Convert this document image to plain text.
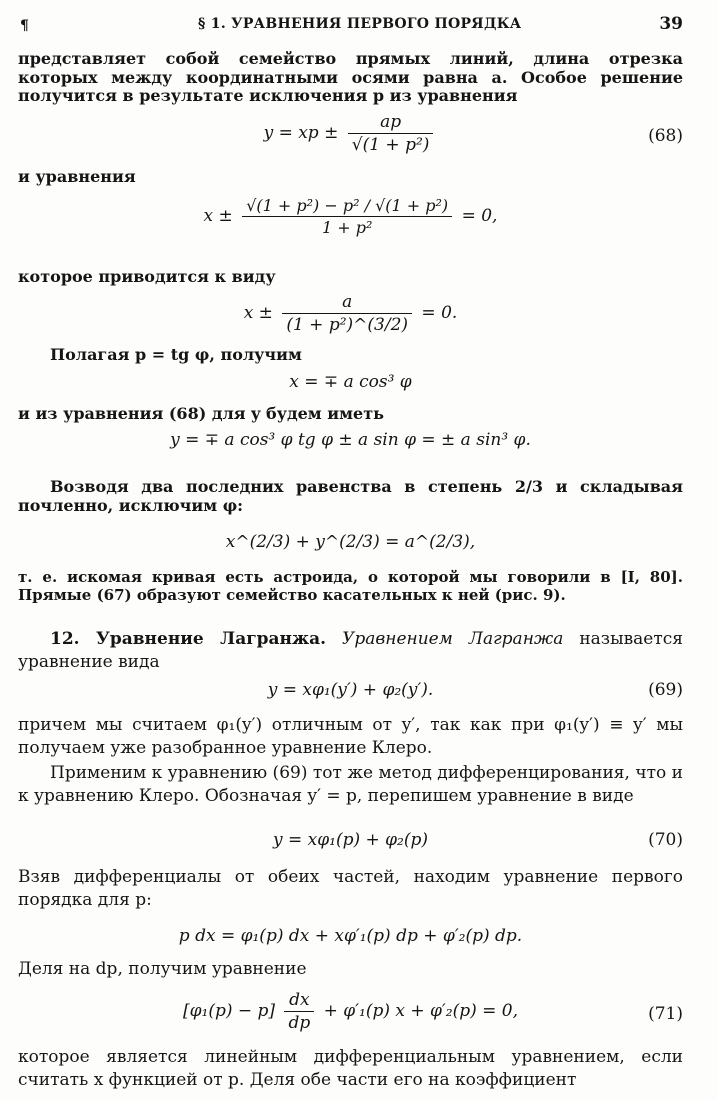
¶	§ 1. УРАВНЕНИЯ ПЕРВОГО ПОРЯДКА	39
представляет собой семейство прямых линий, длина отрезка которых между координатными осями равна a. Особое решение получится в результате исключения p из уравнения
y = xp ± $\frac{ap}{\text{√(1 + p²)}}$	(68)
и уравнения
$x \pm \frac{\text{√(1 + p²) − p² / √(1 + p²)}}{\text{1 + p²}} = 0$,
которое приводится к виду
$x \pm \frac{a}{\text{(1 + p²)\textasciicircum{}(3/2)}} = 0$.
Полагая p = tg φ, получим
x = ∓ a cos³ φ
и из уравнения (68) для y будем иметь
y = ∓ a cos³ φ tg φ ± a sin φ = ± a sin³ φ.
Возводя два последних равенства в степень 2/3 и складывая почленно, исключим φ:
x^(2/3) + y^(2/3) = a^(2/3),
т. е. искомая кривая есть астроида, о которой мы говорили в [I, 80]. Прямые (67) образуют семейство касательных к ней (рис. 9).
12. Уравнение Лагранжа. Уравнением Лагранжа называется уравнение вида
y = xφ₁(y′) + φ₂(y′).	(69)
причем мы считаем φ₁(y′) отличным от y′, так как при φ₁(y′) ≡ y′ мы получаем уже разобранное уравнение Клеро.
Применим к уравнению (69) тот же метод дифференцирования, что и к уравнению Клеро. Обозначая y′ = p, перепишем уравнение в виде
y = xφ₁(p) + φ₂(p)	(70)
Взяв дифференциалы от обеих частей, находим уравнение первого порядка для p:
p dx = φ₁(p) dx + xφ′₁(p) dp + φ′₂(p) dp.
Деля на dp, получим уравнение
$[\varphi_1(p) - p] \frac{dx}{dp} + \varphi'_1(p) x + \varphi'_2(p) = 0$,	(71)
которое является линейным дифференциальным уравнением, если считать x функцией от p. Деля обе части его на коэффициент
